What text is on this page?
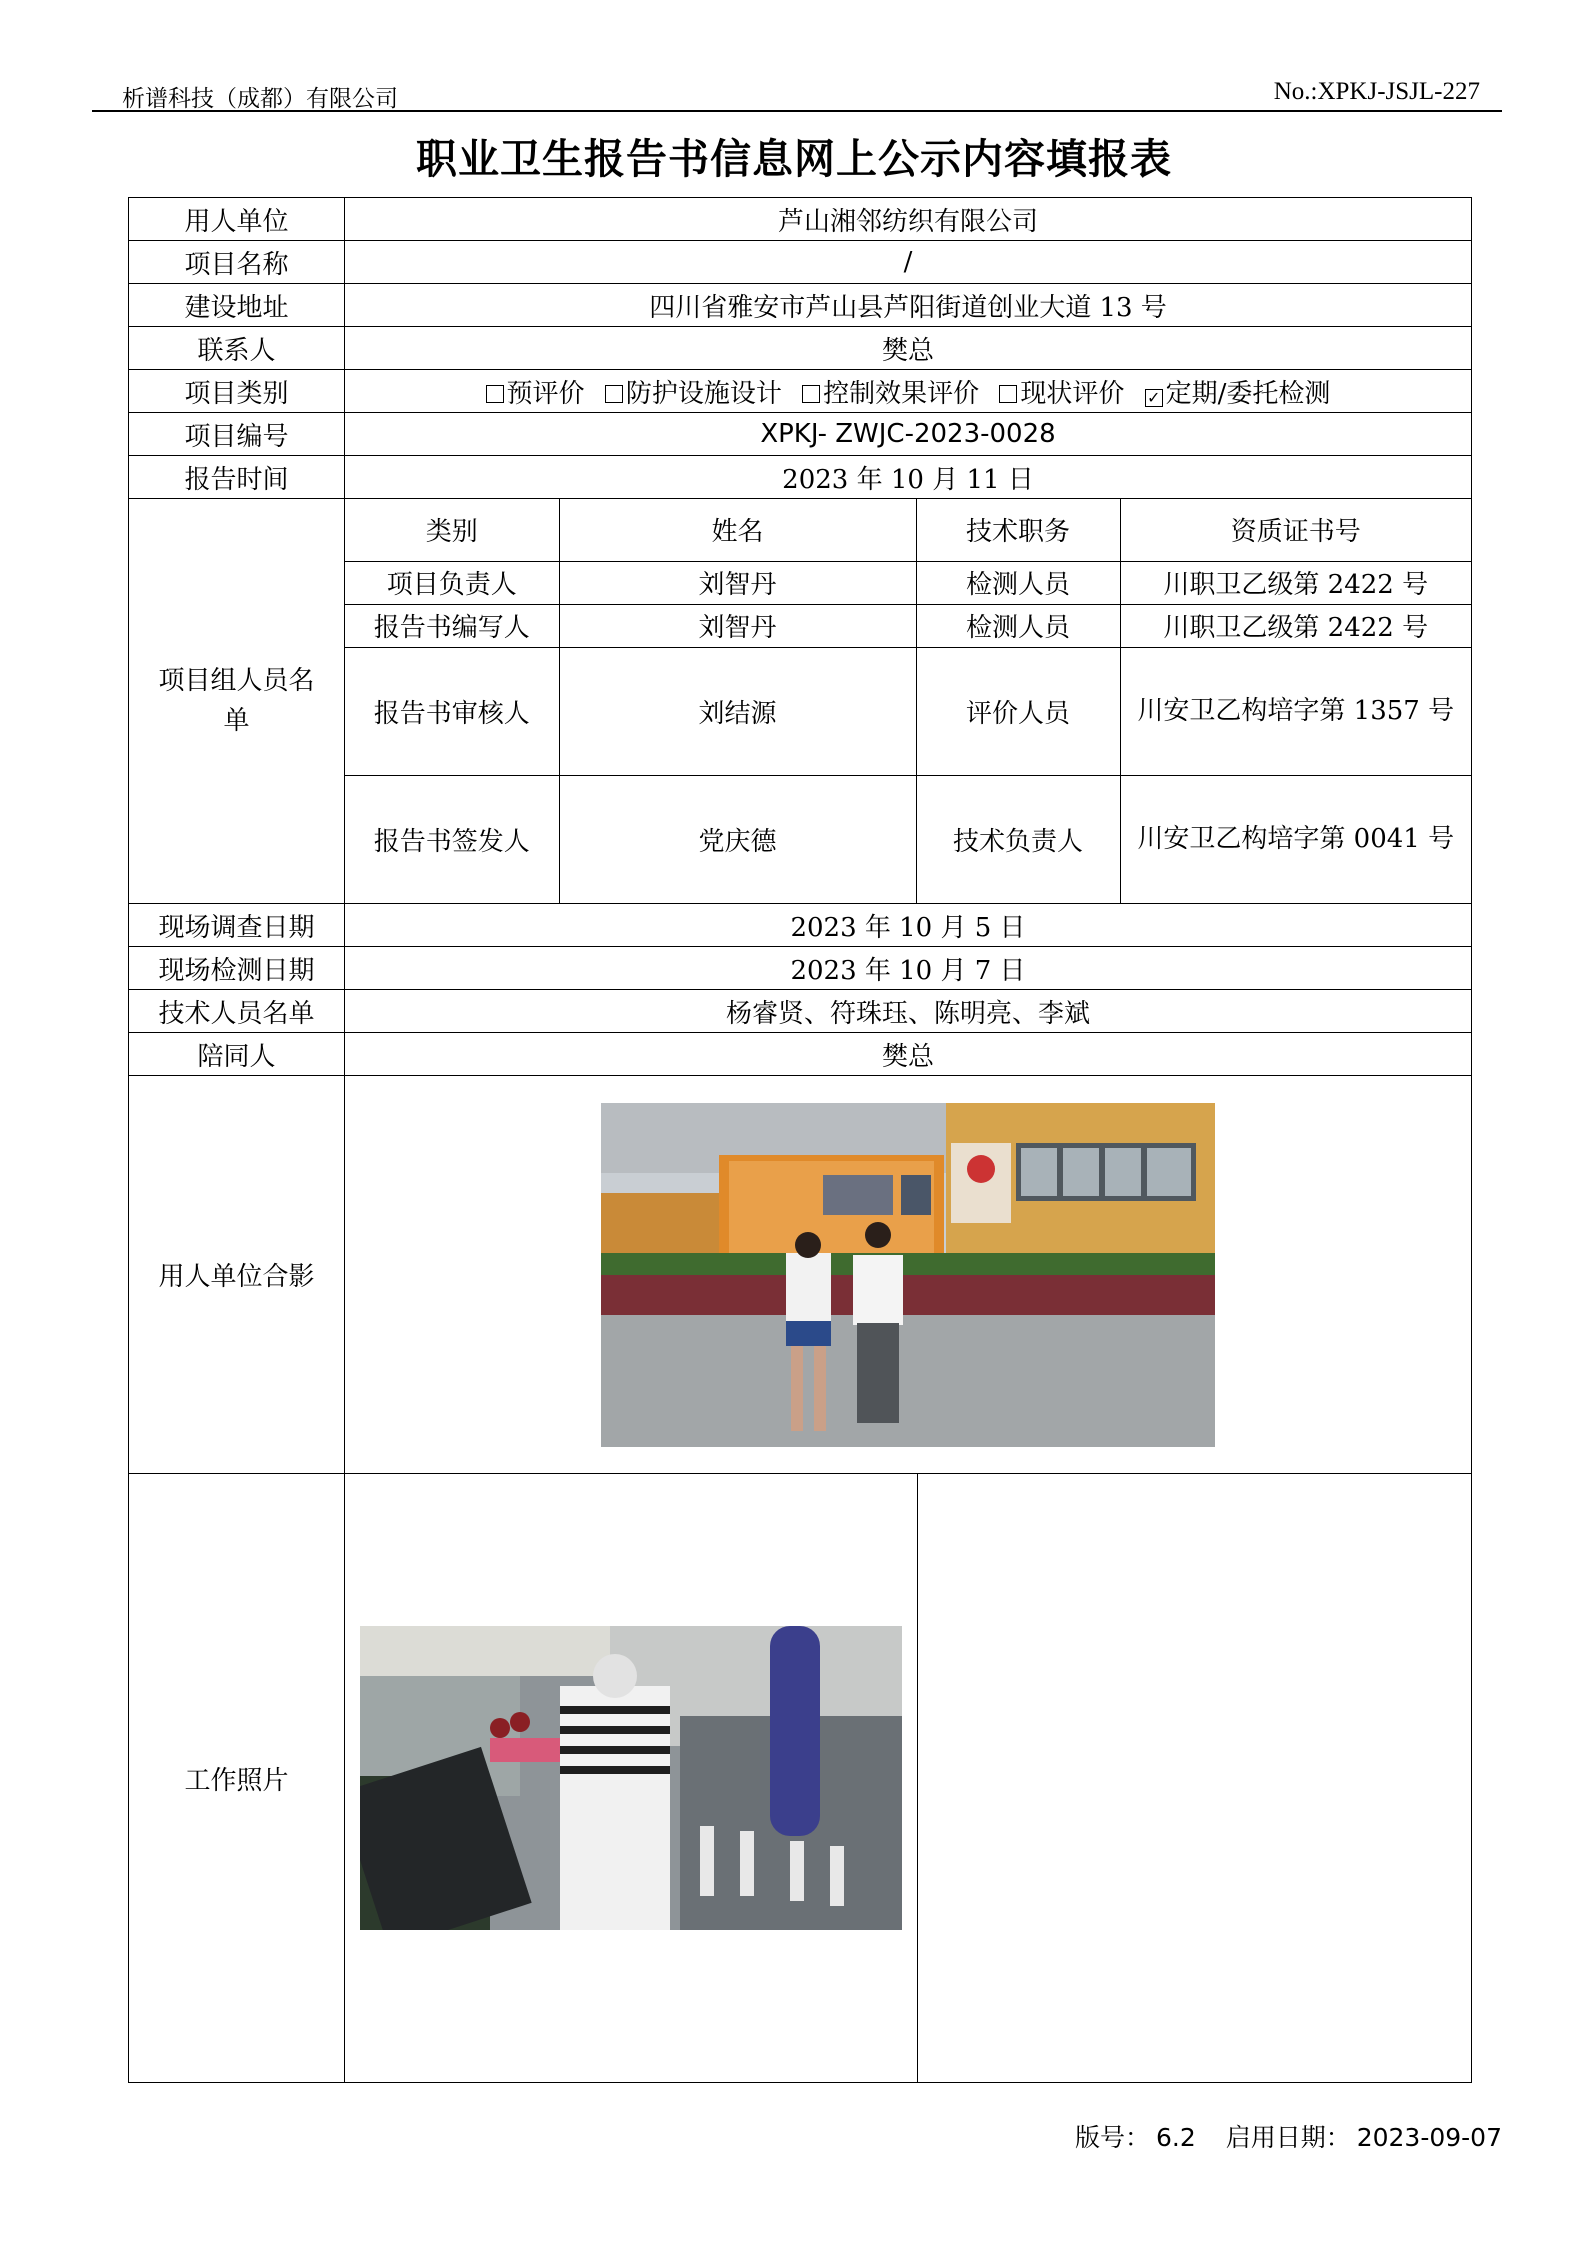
析谱科技（成都）有限公司	No.:XPKJ-JSJL-227
职业卫生报告书信息网上公示内容填报表
用人单位	芦山湘邻纺织有限公司
项目名称	/
建设地址	四川省雅安市芦山县芦阳街道创业大道 13 号
联系人	樊总
项目类别	预评价 防护设施设计 控制效果评价 现状评价 ✓ 定期/委托检测
项目编号	XPKJ- ZWJC-2023-0028
报告时间	2023 年 10 月 11 日
项目组人员名单	
类别	姓名	技术职务	资质证书号
项目负责人	刘智丹	检测人员	川职卫乙级第 2422 号
报告书编写人	刘智丹	检测人员	川职卫乙级第 2422 号
报告书审核人	刘结源	评价人员	川安卫乙构培字第 1357 号
报告书签发人	党庆德	技术负责人	川安卫乙构培字第 0041 号

现场调查日期	2023 年 10 月 5 日
现场检测日期	2023 年 10 月 7 日
技术人员名单	杨睿贤、符珠珏、陈明亮、李斌
陪同人	樊总
用人单位合影	

工作照片	

版号： 6.2 启用日期： 2023-09-07
